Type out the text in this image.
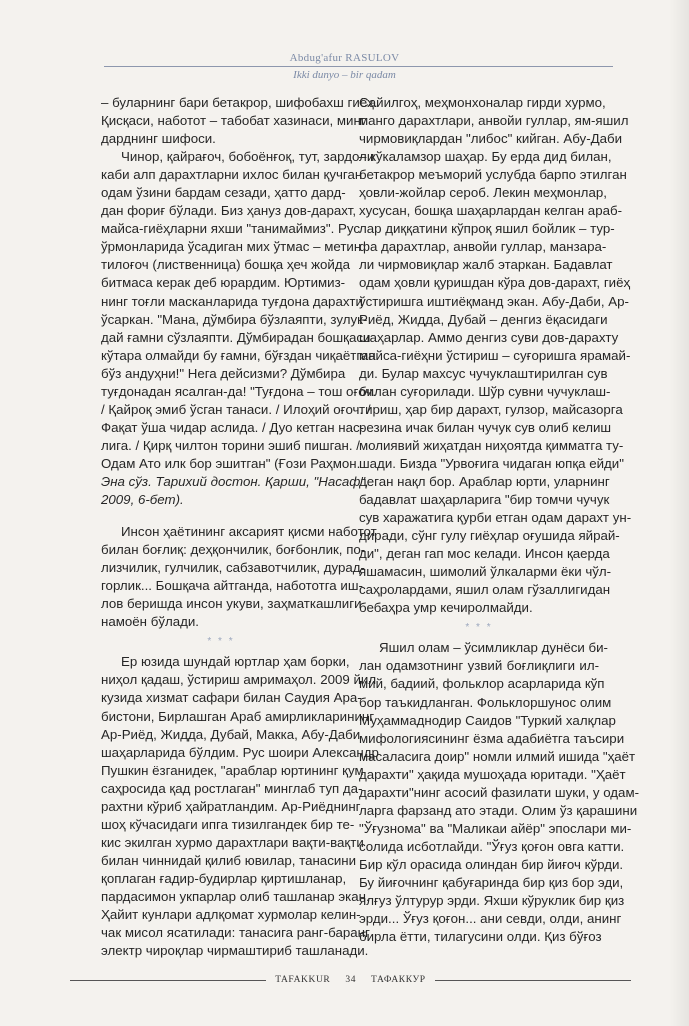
Abdug'afur RASULOV
Ikki dunyo – bir qadam
– буларнинг бари бетакрор, шифобахш гиёҳ.
Қисқаси, наботот – табобат хазинаси, минг
дарднинг шифоси.
Чинор, қайрағоч, бобоёнғоқ, тут, зардоли
каби алп дарахтларни ихлос билан қучган
одам ўзини бардам сезади, ҳатто дард-
дан фориғ бўлади. Биз ҳануз дов-дарахт,
майса-гиёҳларни яхши "танимаймиз". Рус
ўрмонларида ўсадиган мих ўтмас – метин
тилоғоч (лиственница) бошқа ҳеч жойда
битмаса керак деб юрардим. Юртимиз-
нинг тоғли масканларида туғдона дарахти
ўсаркан. "Мана, дўмбира бўзлаяпти, зулук-
дай ғамни сўзлаяпти. Дўмбирадан бошқаси
кўтара олмайди бу ғамни, бўғздан чиқаётган
бўз андуҳни!" Нега дейсизми? Дўмбира
туғдонадан ясалган-да! "Туғдона – тош оғоч.
/ Қайроқ эмиб ўсган танаси. / Илоҳий оғоч. /
Фақат ўша чидар аслида. / Дуо кетган нас-
лига. / Қирқ чилтон торини эшиб пишган. /
Одам Ато илк бор эшитган" (Ғози Раҳмон.
Эна сўз. Тарихий достон. Қарши, "Насаф",
2009, 6-бет).
Инсон ҳаётининг аксарият қисми наботот
билан боғлиқ: деҳқончилик, боғбонлик, по-
лизчилик, гулчилик, сабзавотчилик, дурад-
горлик... Бошқача айтганда, набототга иш-
лов беришда инсон укуви, заҳматкашлиги
намоён бўлади.
* * *
Ер юзида шундай юртлар ҳам борки,
ниҳол қадаш, ўстириш амримаҳол. 2009 йил
кузида хизмат сафари билан Саудия Ара-
бистони, Бирлашган Араб амирликларининг
Ар-Риёд, Жидда, Дубай, Макка, Абу-Даби
шаҳарларида бўлдим. Рус шоири Александр
Пушкин ёзганидек, "араблар юртининг қум
саҳросида қад ростлаган" минглаб туп да-
рахтни кўриб ҳайратландим. Ар-Риёднинг
шоҳ кўчасидаги ипга тизилгандек бир те-
кис экилган хурмо дарахтлари вақти-вақти
билан чиннидай қилиб ювилар, танасини
қоплаган ғадир-будирлар қиртишланар,
пардасимон укпарлар олиб ташланар экан.
Ҳайит кунлари адлқомат хурмолар келин-
чак мисол ясатилади: танасига ранг-баранг
электр чироқлар чирмаштириб ташланади.
Сайилгоҳ, меҳмонхоналар гирди хурмо,
манго дарахтлари, анвойи гуллар, ям-яшил
чирмовиқлардан "либос" кийган. Абу-Даби
– кўкаламзор шаҳар. Бу ерда дид билан,
бетакрор меъморий услубда барпо этилган
ҳовли-жойлар сероб. Лекин меҳмонлар,
хусусан, бошқа шаҳарлардан келган араб-
лар диққатини кўпроқ яшил бойлик – тур-
фа дарахтлар, анвойи гуллар, манзара-
ли чирмовиқлар жалб этаркан. Бадавлат
одам ҳовли қуришдан кўра дов-дарахт, гиёҳ
ўстиришга иштиёқманд экан. Абу-Даби, Ар-
Риёд, Жидда, Дубай – денгиз ёқасидаги
шаҳарлар. Аммо денгиз суви дов-дарахту
майса-гиёҳни ўстириш – суғоришга ярамай-
ди. Булар махсус чучуклаштирилган сув
билан суғорилади. Шўр сувни чучуклаш-
тириш, ҳар бир дарахт, гулзор, майсазорга
резина ичак билан чучук сув олиб келиш
молиявий жиҳатдан ниҳоятда қимматга ту-
шади. Бизда "Урвоғига чидаган юпқа ейди"
деган нақл бор. Араблар юрти, уларнинг
бадавлат шаҳарларига "бир томчи чучук
сув харажатига қурби етган одам дарахт ун-
диради, сўнг гулу гиёҳлар оғушида яйрай-
ди", деган гап мос келади. Инсон қаерда
яшамасин, шимолий ўлкаларми ёки чўл-
саҳролардами, яшил олам гўзаллигидан
бебаҳра умр кечиролмайди.
* * *
Яшил олам – ўсимликлар дунёси би-
лан одамзотнинг узвий боғлиқлиги ил-
мий, бадиий, фольклор асарларида кўп
бор таъкидланган. Фольклоршунос олим
Муҳаммаднодир Саидов "Туркий халқлар
мифологиясининг ёзма адабиётга таъсири
масаласига доир" номли илмий ишида "ҳаёт
дарахти" ҳақида мушоҳада юритади. "Ҳаёт
дарахти"нинг асосий фазилати шуки, у одам-
ларга фарзанд ато этади. Олим ўз қарашини
"Ўғузнома" ва "Маликаи айёр" эпослари ми-
солида исботлайди. "Ўғуз қоғон овга катти.
Бир кўл орасида олиндан бир йиғоч кўрди.
Бу йиғочнинг қабуғаринда бир қиз бор эди,
ялғуз ўлтурур эрди. Яхши кўруклик бир қиз
эрди... Ўғуз қоғон... ани севди, олди, анинг
бирла ётти, тилагусини олди. Қиз бўғоз
TAFAKKUR 34 ТАФАККУР
